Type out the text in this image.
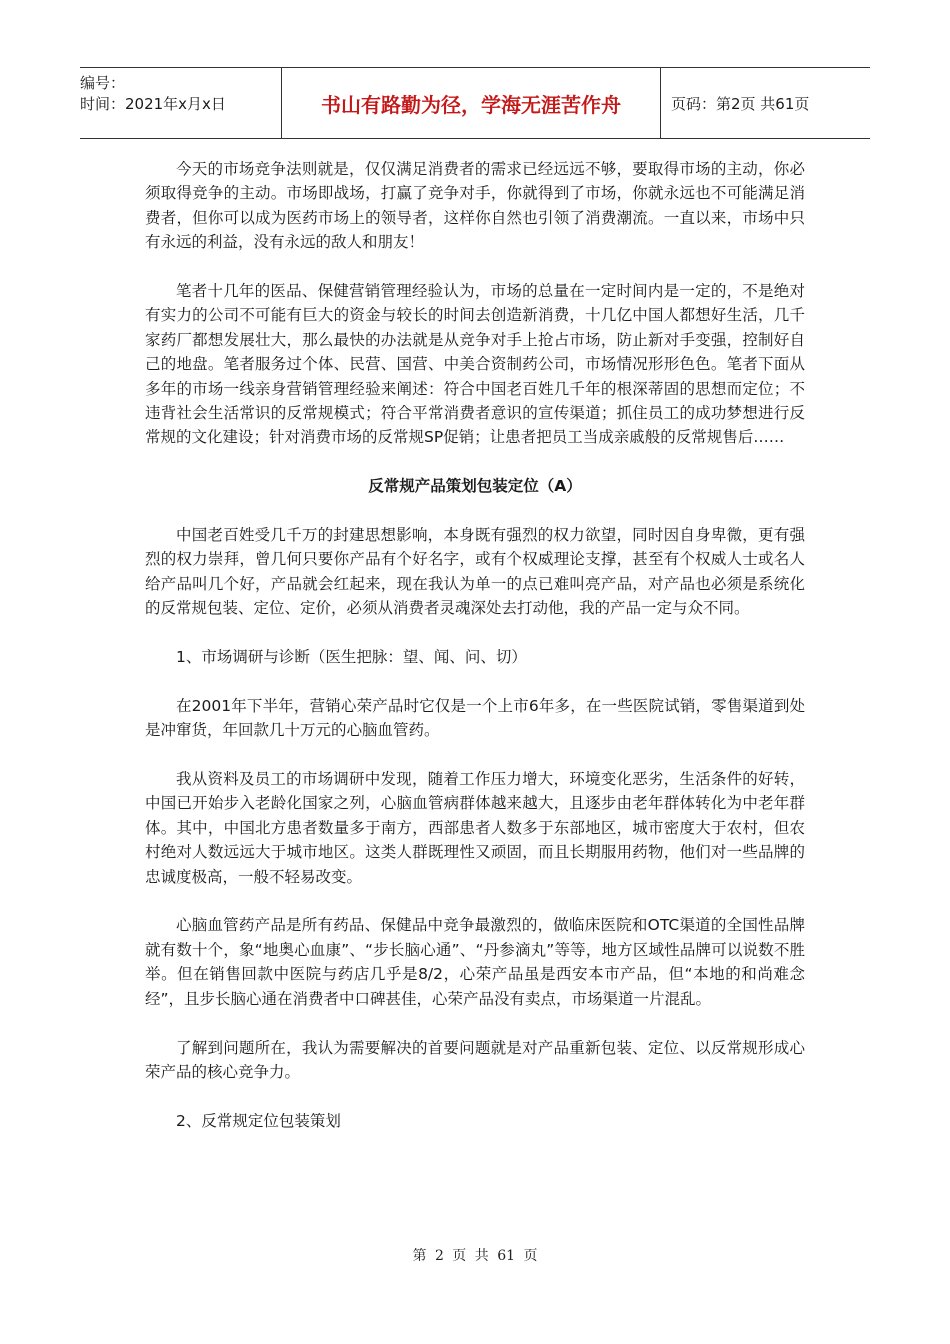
编号：
时间：2021年x月x日	书山有路勤为径，学海无涯苦作舟	页码：第2页 共61页

今天的市场竞争法则就是，仅仅满足消费者的需求已经远远不够，要取得市场的主动，你必须取得竞争的主动。市场即战场，打赢了竞争对手，你就得到了市场，你就永远也不可能满足消费者，但你可以成为医药市场上的领导者，这样你自然也引领了消费潮流。一直以来，市场中只有永远的利益，没有永远的敌人和朋友！

笔者十几年的医品、保健营销管理经验认为，市场的总量在一定时间内是一定的，不是绝对有实力的公司不可能有巨大的资金与较长的时间去创造新消费，十几亿中国人都想好生活，几千家药厂都想发展壮大，那么最快的办法就是从竞争对手上抢占市场，防止新对手变强，控制好自己的地盘。笔者服务过个体、民营、国营、中美合资制药公司，市场情况形形色色。笔者下面从多年的市场一线亲身营销管理经验来阐述：符合中国老百姓几千年的根深蒂固的思想而定位；不违背社会生活常识的反常规模式；符合平常消费者意识的宣传渠道；抓住员工的成功梦想进行反常规的文化建设；针对消费市场的反常规SP促销；让患者把员工当成亲戚般的反常规售后……

反常规产品策划包装定位（A）

中国老百姓受几千万的封建思想影响，本身既有强烈的权力欲望，同时因自身卑微，更有强烈的权力崇拜，曾几何只要你产品有个好名字，或有个权威理论支撑，甚至有个权威人士或名人给产品叫几个好，产品就会红起来，现在我认为单一的点已难叫亮产品，对产品也必须是系统化的反常规包装、定位、定价，必须从消费者灵魂深处去打动他，我的产品一定与众不同。

1、市场调研与诊断（医生把脉：望、闻、问、切）

在2001年下半年，营销心荣产品时它仅是一个上市6年多，在一些医院试销，零售渠道到处是冲窜货，年回款几十万元的心脑血管药。

我从资料及员工的市场调研中发现，随着工作压力增大，环境变化恶劣，生活条件的好转，中国已开始步入老龄化国家之列，心脑血管病群体越来越大，且逐步由老年群体转化为中老年群体。其中，中国北方患者数量多于南方，西部患者人数多于东部地区，城市密度大于农村，但农村绝对人数远远大于城市地区。这类人群既理性又顽固，而且长期服用药物，他们对一些品牌的忠诚度极高，一般不轻易改变。

心脑血管药产品是所有药品、保健品中竞争最激烈的，做临床医院和OTC渠道的全国性品牌就有数十个，象“地奥心血康”、“步长脑心通”、“丹参滴丸”等等，地方区域性品牌可以说数不胜举。但在销售回款中医院与药店几乎是8/2，心荣产品虽是西安本市产品，但“本地的和尚难念经”，且步长脑心通在消费者中口碑甚佳，心荣产品没有卖点，市场渠道一片混乱。

了解到问题所在，我认为需要解决的首要问题就是对产品重新包装、定位、以反常规形成心荣产品的核心竞争力。

2、反常规定位包装策划

第 2 页 共 61 页
